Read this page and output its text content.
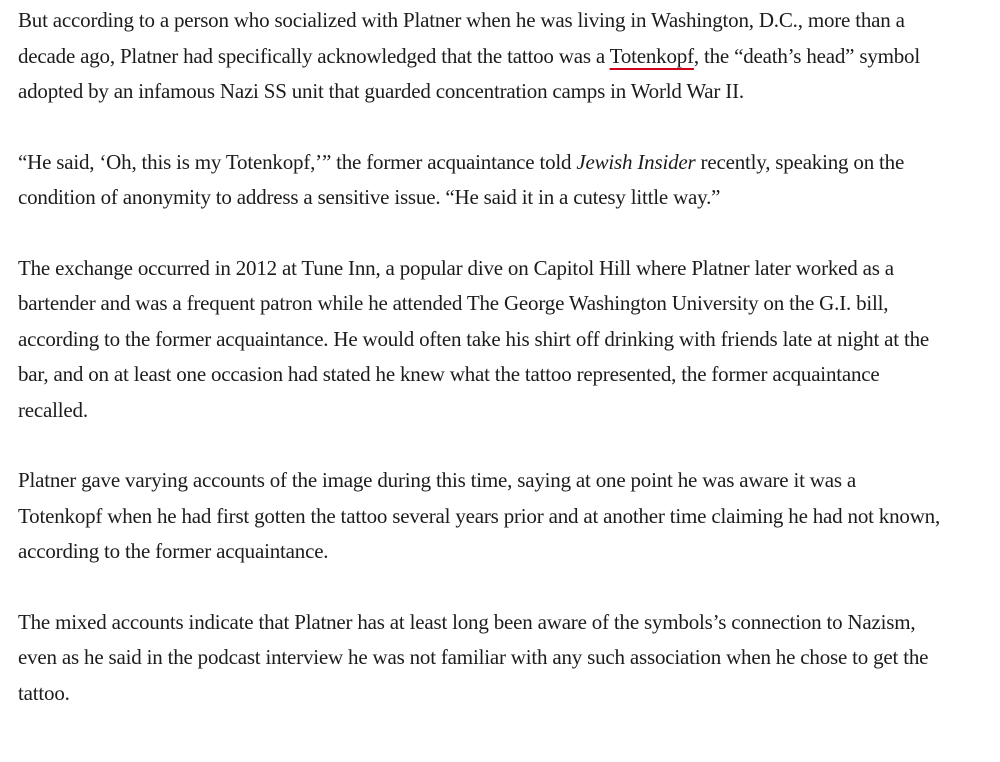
But according to a person who socialized with Platner when he was living in Washington, D.C., more than a decade ago, Platner had specifically acknowledged that the tattoo was a Totenkopf, the “death’s head” symbol adopted by an infamous Nazi SS unit that guarded concentration camps in World War II.

“He said, ‘Oh, this is my Totenkopf,’” the former acquaintance told Jewish Insider recently, speaking on the condition of anonymity to address a sensitive issue. “He said it in a cutesy little way.”

The exchange occurred in 2012 at Tune Inn, a popular dive on Capitol Hill where Platner later worked as a bartender and was a frequent patron while he attended The George Washington University on the G.I. bill, according to the former acquaintance. He would often take his shirt off drinking with friends late at night at the bar, and on at least one occasion had stated he knew what the tattoo represented, the former acquaintance recalled.

Platner gave varying accounts of the image during this time, saying at one point he was aware it was a Totenkopf when he had first gotten the tattoo several years prior and at another time claiming he had not known, according to the former acquaintance.

The mixed accounts indicate that Platner has at least long been aware of the symbols’s connection to Nazism, even as he said in the podcast interview he was not familiar with any such association when he chose to get the tattoo.
